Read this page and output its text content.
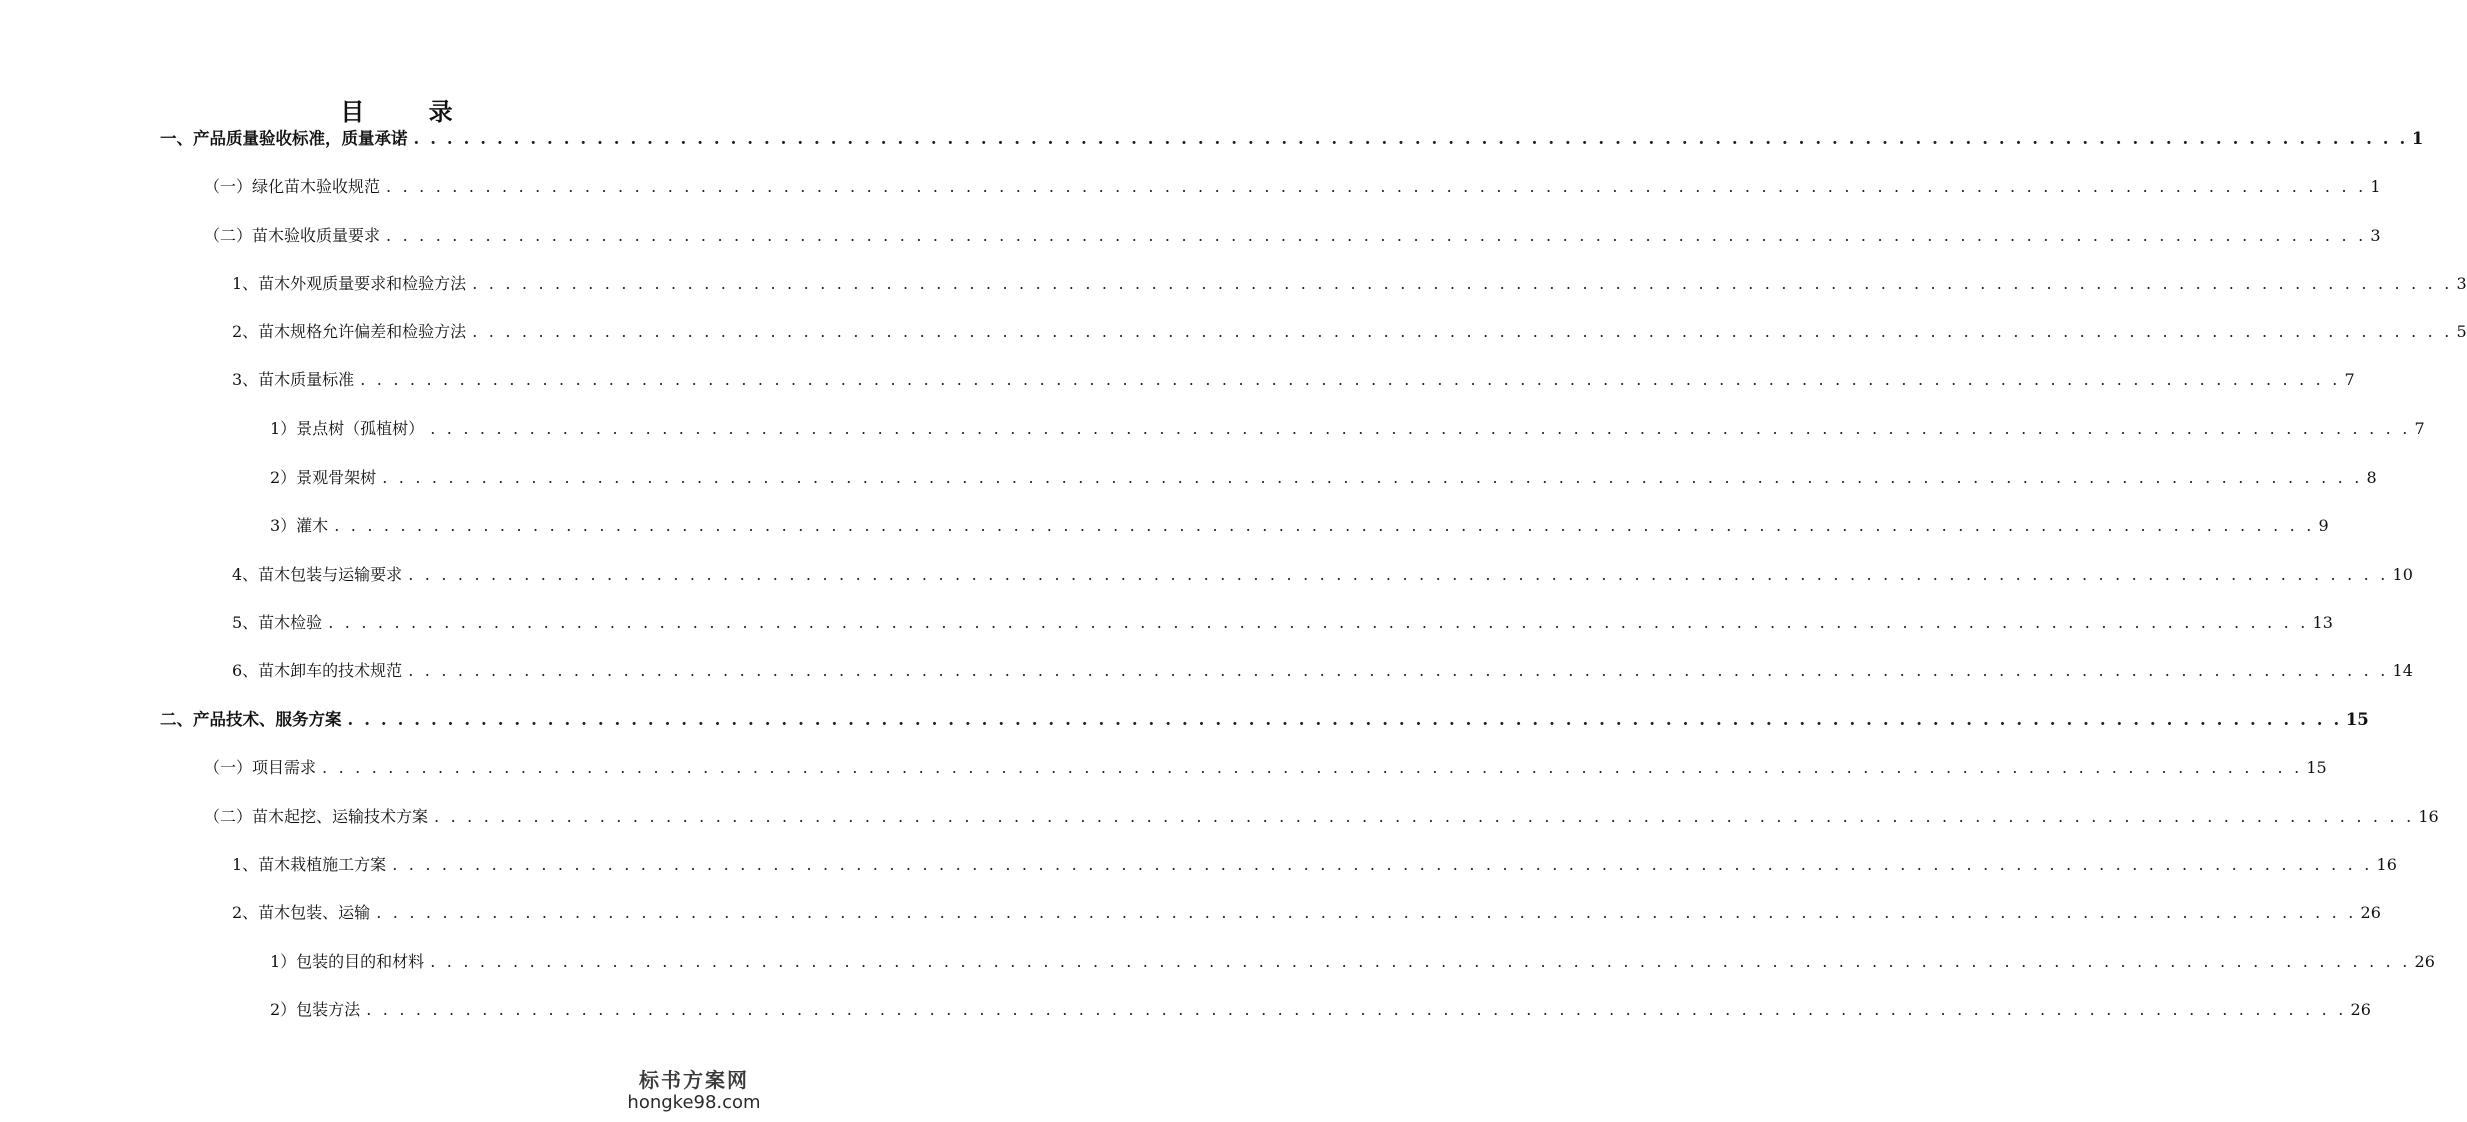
目 录
一、产品质量验收标准，质量承诺 . . . . . . . . . . . . . . . . . . . . . . . . . . . . . . . . . . . . . . . . . . . . . . . . . . . . . . . . . . . . . . . . . . . . . . . . . . . . . . . . . . . . . . . . . . . . . . . . . . . . . . . . . . . . . . . . . . . . . . . . 1
（一）绿化苗木验收规范 . . . . . . . . . . . . . . . . . . . . . . . . . . . . . . . . . . . . . . . . . . . . . . . . . . . . . . . . . . . . . . . . . . . . . . . . . . . . . . . . . . . . . . . . . . . . . . . . . . . . . . . . . . . . . . . . . . . . . . . . 1
（二）苗木验收质量要求 . . . . . . . . . . . . . . . . . . . . . . . . . . . . . . . . . . . . . . . . . . . . . . . . . . . . . . . . . . . . . . . . . . . . . . . . . . . . . . . . . . . . . . . . . . . . . . . . . . . . . . . . . . . . . . . . . . . . . . . . 3
1、苗木外观质量要求和检验方法 . . . . . . . . . . . . . . . . . . . . . . . . . . . . . . . . . . . . . . . . . . . . . . . . . . . . . . . . . . . . . . . . . . . . . . . . . . . . . . . . . . . . . . . . . . . . . . . . . . . . . . . . . . . . . . . . . . . . . . . . 3
2、苗木规格允许偏差和检验方法 . . . . . . . . . . . . . . . . . . . . . . . . . . . . . . . . . . . . . . . . . . . . . . . . . . . . . . . . . . . . . . . . . . . . . . . . . . . . . . . . . . . . . . . . . . . . . . . . . . . . . . . . . . . . . . . . . . . . . . . . 5
3、苗木质量标准 . . . . . . . . . . . . . . . . . . . . . . . . . . . . . . . . . . . . . . . . . . . . . . . . . . . . . . . . . . . . . . . . . . . . . . . . . . . . . . . . . . . . . . . . . . . . . . . . . . . . . . . . . . . . . . . . . . . . . . . . 7
1）景点树（孤植树） . . . . . . . . . . . . . . . . . . . . . . . . . . . . . . . . . . . . . . . . . . . . . . . . . . . . . . . . . . . . . . . . . . . . . . . . . . . . . . . . . . . . . . . . . . . . . . . . . . . . . . . . . . . . . . . . . . . . . . . . 7
2）景观骨架树 . . . . . . . . . . . . . . . . . . . . . . . . . . . . . . . . . . . . . . . . . . . . . . . . . . . . . . . . . . . . . . . . . . . . . . . . . . . . . . . . . . . . . . . . . . . . . . . . . . . . . . . . . . . . . . . . . . . . . . . . 8
3）灌木 . . . . . . . . . . . . . . . . . . . . . . . . . . . . . . . . . . . . . . . . . . . . . . . . . . . . . . . . . . . . . . . . . . . . . . . . . . . . . . . . . . . . . . . . . . . . . . . . . . . . . . . . . . . . . . . . . . . . . . . . 9
4、苗木包装与运输要求 . . . . . . . . . . . . . . . . . . . . . . . . . . . . . . . . . . . . . . . . . . . . . . . . . . . . . . . . . . . . . . . . . . . . . . . . . . . . . . . . . . . . . . . . . . . . . . . . . . . . . . . . . . . . . . . . . . . . . . . . 10
5、苗木检验 . . . . . . . . . . . . . . . . . . . . . . . . . . . . . . . . . . . . . . . . . . . . . . . . . . . . . . . . . . . . . . . . . . . . . . . . . . . . . . . . . . . . . . . . . . . . . . . . . . . . . . . . . . . . . . . . . . . . . . . . 13
6、苗木卸车的技术规范 . . . . . . . . . . . . . . . . . . . . . . . . . . . . . . . . . . . . . . . . . . . . . . . . . . . . . . . . . . . . . . . . . . . . . . . . . . . . . . . . . . . . . . . . . . . . . . . . . . . . . . . . . . . . . . . . . . . . . . . . 14
二、产品技术、服务方案 . . . . . . . . . . . . . . . . . . . . . . . . . . . . . . . . . . . . . . . . . . . . . . . . . . . . . . . . . . . . . . . . . . . . . . . . . . . . . . . . . . . . . . . . . . . . . . . . . . . . . . . . . . . . . . . . . . . . . . . . 15
（一）项目需求 . . . . . . . . . . . . . . . . . . . . . . . . . . . . . . . . . . . . . . . . . . . . . . . . . . . . . . . . . . . . . . . . . . . . . . . . . . . . . . . . . . . . . . . . . . . . . . . . . . . . . . . . . . . . . . . . . . . . . . . . 15
（二）苗木起挖、运输技术方案 . . . . . . . . . . . . . . . . . . . . . . . . . . . . . . . . . . . . . . . . . . . . . . . . . . . . . . . . . . . . . . . . . . . . . . . . . . . . . . . . . . . . . . . . . . . . . . . . . . . . . . . . . . . . . . . . . . . . . . . . 16
1、苗木栽植施工方案 . . . . . . . . . . . . . . . . . . . . . . . . . . . . . . . . . . . . . . . . . . . . . . . . . . . . . . . . . . . . . . . . . . . . . . . . . . . . . . . . . . . . . . . . . . . . . . . . . . . . . . . . . . . . . . . . . . . . . . . . 16
2、苗木包装、运输 . . . . . . . . . . . . . . . . . . . . . . . . . . . . . . . . . . . . . . . . . . . . . . . . . . . . . . . . . . . . . . . . . . . . . . . . . . . . . . . . . . . . . . . . . . . . . . . . . . . . . . . . . . . . . . . . . . . . . . . . 26
1）包装的目的和材料 . . . . . . . . . . . . . . . . . . . . . . . . . . . . . . . . . . . . . . . . . . . . . . . . . . . . . . . . . . . . . . . . . . . . . . . . . . . . . . . . . . . . . . . . . . . . . . . . . . . . . . . . . . . . . . . . . . . . . . . . 26
2）包装方法 . . . . . . . . . . . . . . . . . . . . . . . . . . . . . . . . . . . . . . . . . . . . . . . . . . . . . . . . . . . . . . . . . . . . . . . . . . . . . . . . . . . . . . . . . . . . . . . . . . . . . . . . . . . . . . . . . . . . . . . . 26
标书方案网
hongke98.com
